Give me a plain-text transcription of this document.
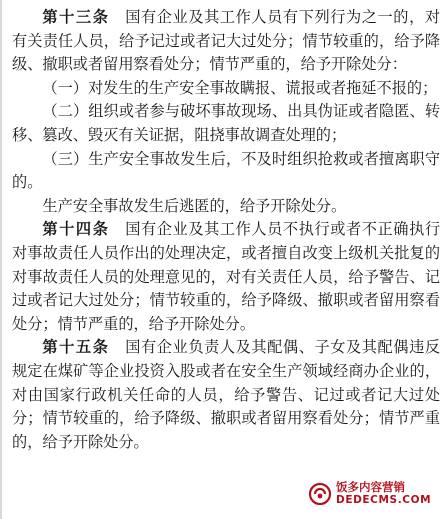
第十三条　 国有企业及其工作人员有下列行为之一的，对有关责任人员，给予记过或者记大过处分；情节较重的，给予降级、撤职或者留用察看处分；情节严重的，给予开除处分：

（一）对发生的生产安全事故瞒报、谎报或者拖延不报的；

（二）组织或者参与破坏事故现场、出具伪证或者隐匿、转移、篡改、毁灭有关证据，阻挠事故调查处理的；

（三）生产安全事故发生后，不及时组织抢救或者擅离职守的。

生产安全事故发生后逃匿的，给予开除处分。

第十四条　 国有企业及其工作人员不执行或者不正确执行对事故责任人员作出的处理决定，或者擅自改变上级机关批复的对事故责任人员的处理意见的，对有关责任人员，给予警告、记过或者记大过处分；情节较重的，给予降级、撤职或者留用察看处分；情节严重的，给予开除处分。

第十五条　 国有企业负责人及其配偶、子女及其配偶违反规定在煤矿等企业投资入股或者在安全生产领域经商办企业的，对由国家行政机关任命的人员，给予警告、记过或者记大过处分；情节较重的，给予降级、撤职或者留用察看处分；情节严重的，给予开除处分。

饭多内容营销
DEDECMS.COM
